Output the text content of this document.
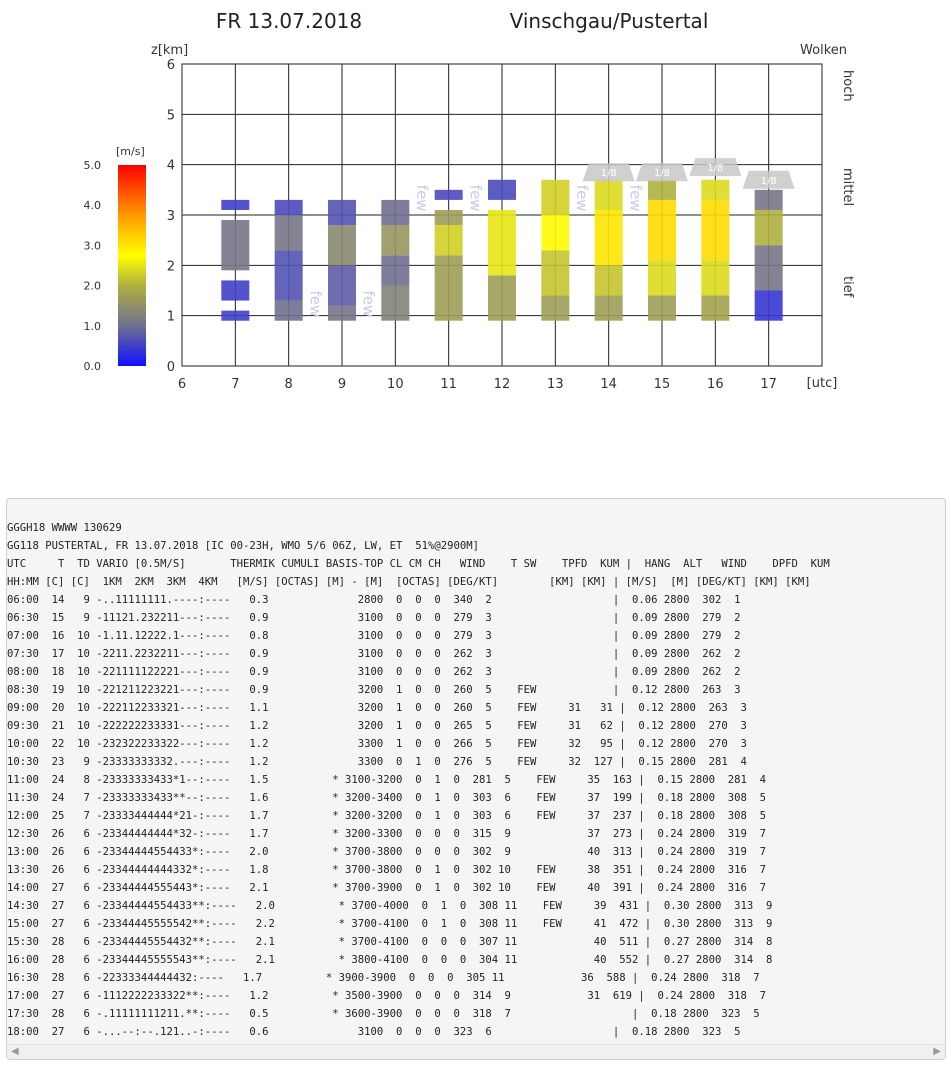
FR 13.07.2018	Vinschgau/Pustertal
z[km]	Wolken
[utc]
hoch
mittel
tief
few few
few few	few few
1/8	1/8	1/8
1/8
6	7	8	9	10	11	12	13	14	15	16	17
0
1
2
3
4
5
6
[m/s]
0.0
1.0
2.0
3.0
4.0
5.0
GGGH18 WWWW 130629
GG118 PUSTERTAL, FR 13.07.2018 [IC 00-23H, WMO 5/6 06Z, LW, ET  51%@2900M]
UTC     T  TD VARIO [0.5M/S]       THERMIK CUMULI BASIS-TOP CL CM CH   WIND    T SW    TPFD  KUM |  HANG  ALT   WIND    DPFD  KUM
HH:MM [C] [C]  1KM  2KM  3KM  4KM   [M/S] [OCTAS] [M] - [M]  [OCTAS] [DEG/KT]        [KM] [KM] | [M/S]  [M] [DEG/KT] [KM] [KM]
06:00  14   9 -..11111111.----:----   0.3              2800  0  0  0  340  2                   |  0.06 2800  302  1
06:30  15   9 -11121.232211---:----   0.9              3100  0  0  0  279  3                   |  0.09 2800  279  2
07:00  16  10 -1.11.12222.1---:----   0.8              3100  0  0  0  279  3                   |  0.09 2800  279  2
07:30  17  10 -2211.2232211---:----   0.9              3100  0  0  0  262  3                   |  0.09 2800  262  2
08:00  18  10 -221111122221---:----   0.9              3100  0  0  0  262  3                   |  0.09 2800  262  2
08:30  19  10 -221211223221---:----   0.9              3200  1  0  0  260  5    FEW            |  0.12 2800  263  3
09:00  20  10 -222112233321---:----   1.1              3200  1  0  0  260  5    FEW     31   31 |  0.12 2800  263  3
09:30  21  10 -222222233331---:----   1.2              3200  1  0  0  265  5    FEW     31   62 |  0.12 2800  270  3
10:00  22  10 -232322233322---:----   1.2              3300  1  0  0  266  5    FEW     32   95 |  0.12 2800  270  3
10:30  23   9 -23333333332.---:----   1.2              3300  0  1  0  276  5    FEW     32  127 |  0.15 2800  281  4
11:00  24   8 -23333333433*1--:----   1.5          * 3100-3200  0  1  0  281  5    FEW     35  163 |  0.15 2800  281  4
11:30  24   7 -23333333433**--:----   1.6          * 3200-3400  0  1  0  303  6    FEW     37  199 |  0.18 2800  308  5
12:00  25   7 -23333444444*21-:----   1.7          * 3200-3200  0  1  0  303  6    FEW     37  237 |  0.18 2800  308  5
12:30  26   6 -23344444444*32-:----   1.7          * 3200-3300  0  0  0  315  9            37  273 |  0.24 2800  319  7
13:00  26   6 -23344444554433*:----   2.0          * 3700-3800  0  0  0  302  9            40  313 |  0.24 2800  319  7
13:30  26   6 -23344444444332*:----   1.8          * 3700-3800  0  1  0  302 10    FEW     38  351 |  0.24 2800  316  7
14:00  27   6 -23344444555443*:----   2.1          * 3700-3900  0  1  0  302 10    FEW     40  391 |  0.24 2800  316  7
14:30  27   6 -23344444554433**:----   2.0          * 3700-4000  0  1  0  308 11    FEW     39  431 |  0.30 2800  313  9
15:00  27   6 -23344445555542**:----   2.2          * 3700-4100  0  1  0  308 11    FEW     41  472 |  0.30 2800  313  9
15:30  28   6 -23344445554432**:----   2.1          * 3700-4100  0  0  0  307 11            40  511 |  0.27 2800  314  8
16:00  28   6 -23344445555543**:----   2.1          * 3800-4100  0  0  0  304 11            40  552 |  0.27 2800  314  8
16:30  28   6 -22333344444432:----   1.7          * 3900-3900  0  0  0  305 11            36  588 |  0.24 2800  318  7
17:00  27   6 -1112222233322**:----   1.2          * 3500-3900  0  0  0  314  9            31  619 |  0.24 2800  318  7
17:30  28   6 -.11111111211.**:----   0.5          * 3600-3900  0  0  0  318  7                   |  0.18 2800  323  5
18:00  27   6 -...--:--.121..-:----   0.6              3100  0  0  0  323  6                   |  0.18 2800  323  5
◀	▶
